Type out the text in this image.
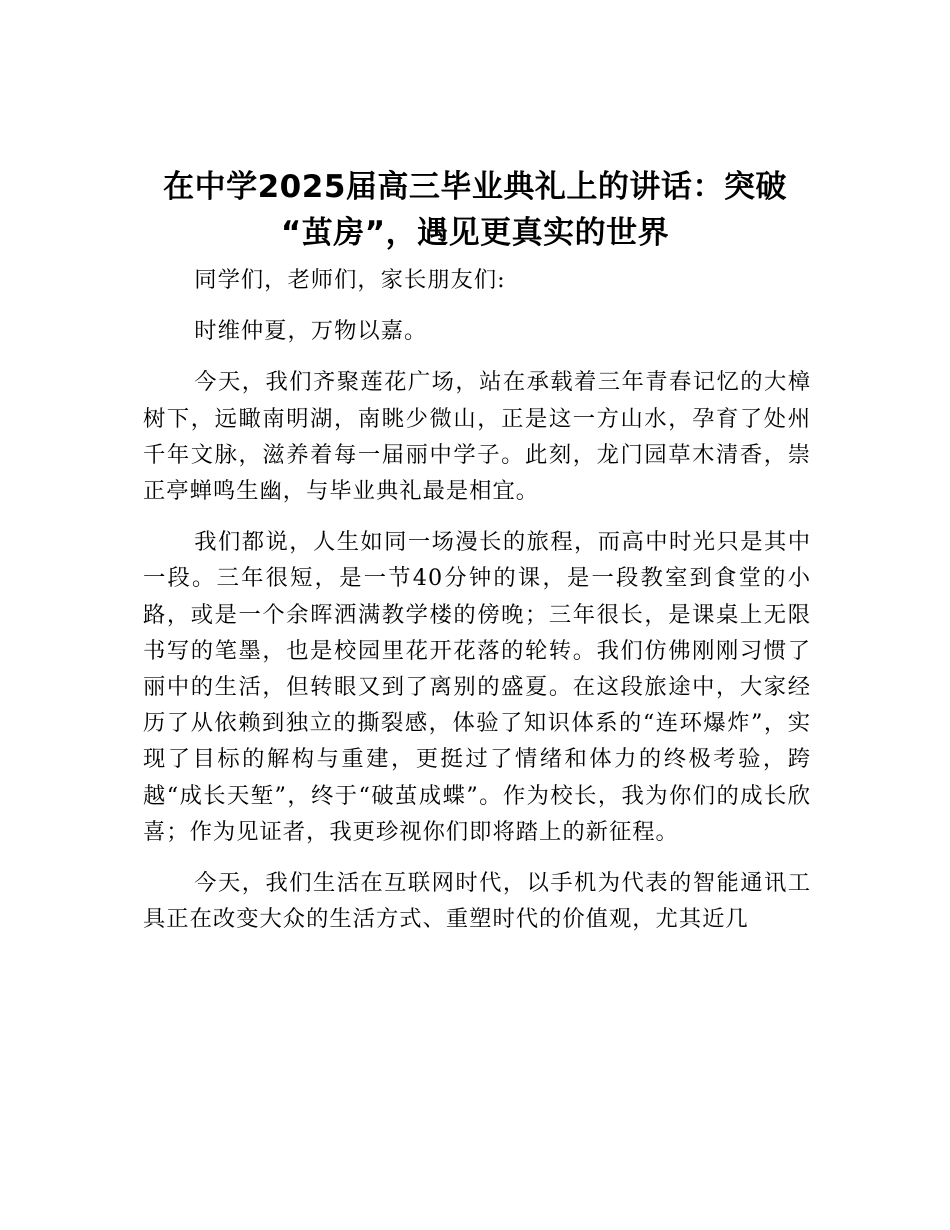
在中学2025届高三毕业典礼上的讲话：突破
“茧房”，遇见更真实的世界

同学们，老师们，家长朋友们:

时维仲夏，万物以嘉。

今天，我们齐聚莲花广场，站在承载着三年青春记忆的大樟树下，远瞰南明湖，南眺少微山，正是这一方山水，孕育了处州千年文脉，滋养着每一届丽中学子。此刻，龙门园草木清香，崇正亭蝉鸣生幽，与毕业典礼最是相宜。

我们都说，人生如同一场漫长的旅程，而高中时光只是其中一段。三年很短，是一节40分钟的课，是一段教室到食堂的小路，或是一个余晖洒满教学楼的傍晚；三年很长，是课桌上无限书写的笔墨，也是校园里花开花落的轮转。我们仿佛刚刚习惯了丽中的生活，但转眼又到了离别的盛夏。在这段旅途中，大家经历了从依赖到独立的撕裂感，体验了知识体系的“连环爆炸”，实现了目标的解构与重建，更挺过了情绪和体力的终极考验，跨越“成长天堑”，终于“破茧成蝶”。作为校长，我为你们的成长欣喜；作为见证者，我更珍视你们即将踏上的新征程。

今天，我们生活在互联网时代，以手机为代表的智能通讯工具正在改变大众的生活方式、重塑时代的价值观，尤其近几
